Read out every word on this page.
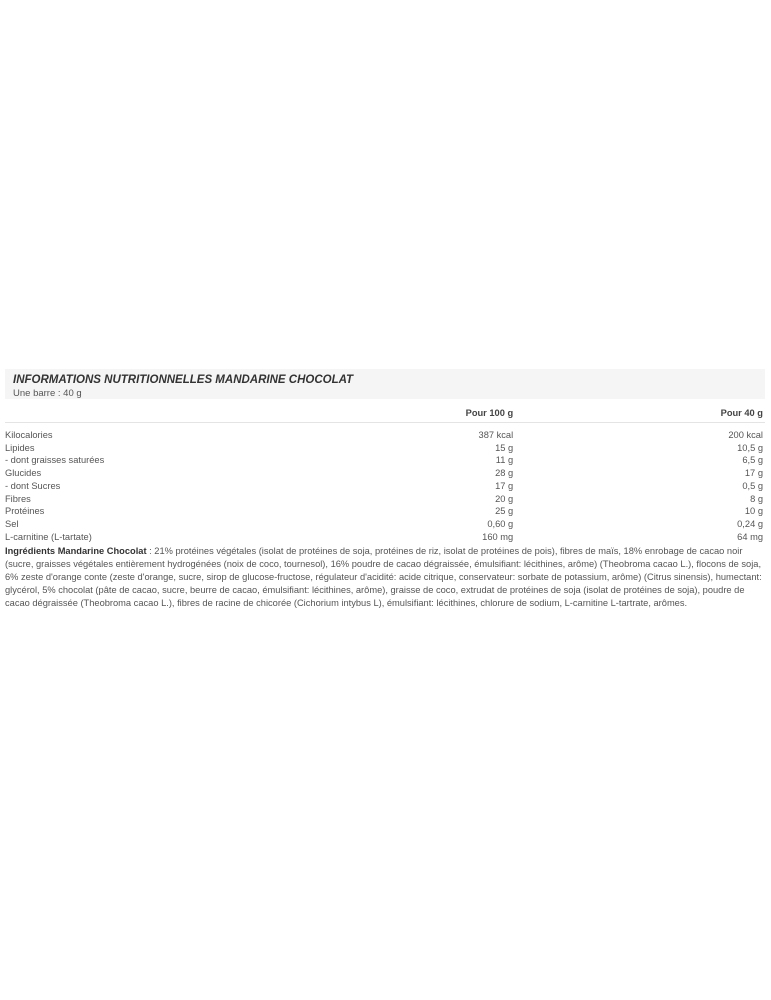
INFORMATIONS NUTRITIONNELLES MANDARINE CHOCOLAT
Une barre : 40 g
	Pour 100 g	Pour 40 g
Kilocalories	387 kcal	200 kcal
Lipides	15 g	10,5 g
- dont graisses saturées	11 g	6,5 g
Glucides	28 g	17 g
- dont Sucres	17 g	0,5 g
Fibres	20 g	8 g
Protéines	25 g	10 g
Sel	0,60 g	0,24 g
L-carnitine (L-tartate)	160 mg	64 mg
Ingrédients Mandarine Chocolat : 21% protéines végétales (isolat de protéines de soja, protéines de riz, isolat de protéines de pois), fibres de maïs, 18% enrobage de cacao noir (sucre, graisses végétales entièrement hydrogénées (noix de coco, tournesol), 16% poudre de cacao dégraissée, émulsifiant: lécithines, arôme) (Theobroma cacao L.), flocons de soja, 6% zeste d'orange conte (zeste d'orange, sucre, sirop de glucose-fructose, régulateur d'acidité: acide citrique, conservateur: sorbate de potassium, arôme) (Citrus sinensis), humectant: glycérol, 5% chocolat (pâte de cacao, sucre, beurre de cacao, émulsifiant: lécithines, arôme), graisse de coco, extrudat de protéines de soja (isolat de protéines de soja), poudre de cacao dégraissée (Theobroma cacao L.), fibres de racine de chicorée (Cichorium intybus L), émulsifiant: lécithines, chlorure de sodium, L-carnitine L-tartrate, arômes.
